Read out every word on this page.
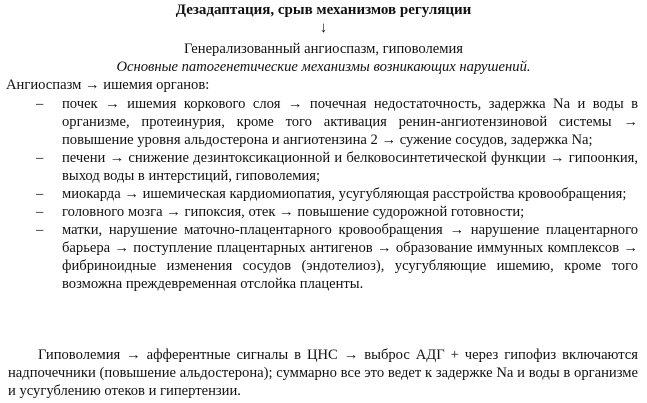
Дезадаптация, срыв механизмов регуляции
↓
Генерализованный ангиоспазм, гиповолемия
Основные патогенетические механизмы возникающих нарушений.
Ангиоспазм → ишемия органов:
– почек → ишемия коркового слоя → почечная недостаточность, задержка Na и воды в организме, протеинурия, кроме того активация ренин-ангиотензиновой системы → повышение уровня альдостерона и ангиотензина 2 → сужение сосудов, задержка Na;
– печени → снижение дезинтоксикационной и белковосинтетической функции → гипоонкия, выход воды в интерстиций, гиповолемия;
– миокарда → ишемическая кардиомиопатия, усугубляющая расстройства кровообращения;
– головного мозга → гипоксия, отек → повышение судорожной готовности;
– матки, нарушение маточно-плацентарного кровообращения → нарушение плацентарного барьера → поступление плацентарных антигенов → образование иммунных комплексов → фибриноидные изменения сосудов (эндотелиоз), усугубляющие ишемию, кроме того возможна преждевременная отслойка плаценты.
Гиповолемия → афферентные сигналы в ЦНС → выброс АДГ + через гипофиз включаются надпочечники (повышение альдостерона); суммарно все это ведет к задержке Na и воды в организме и усугублению отеков и гипертензии.
